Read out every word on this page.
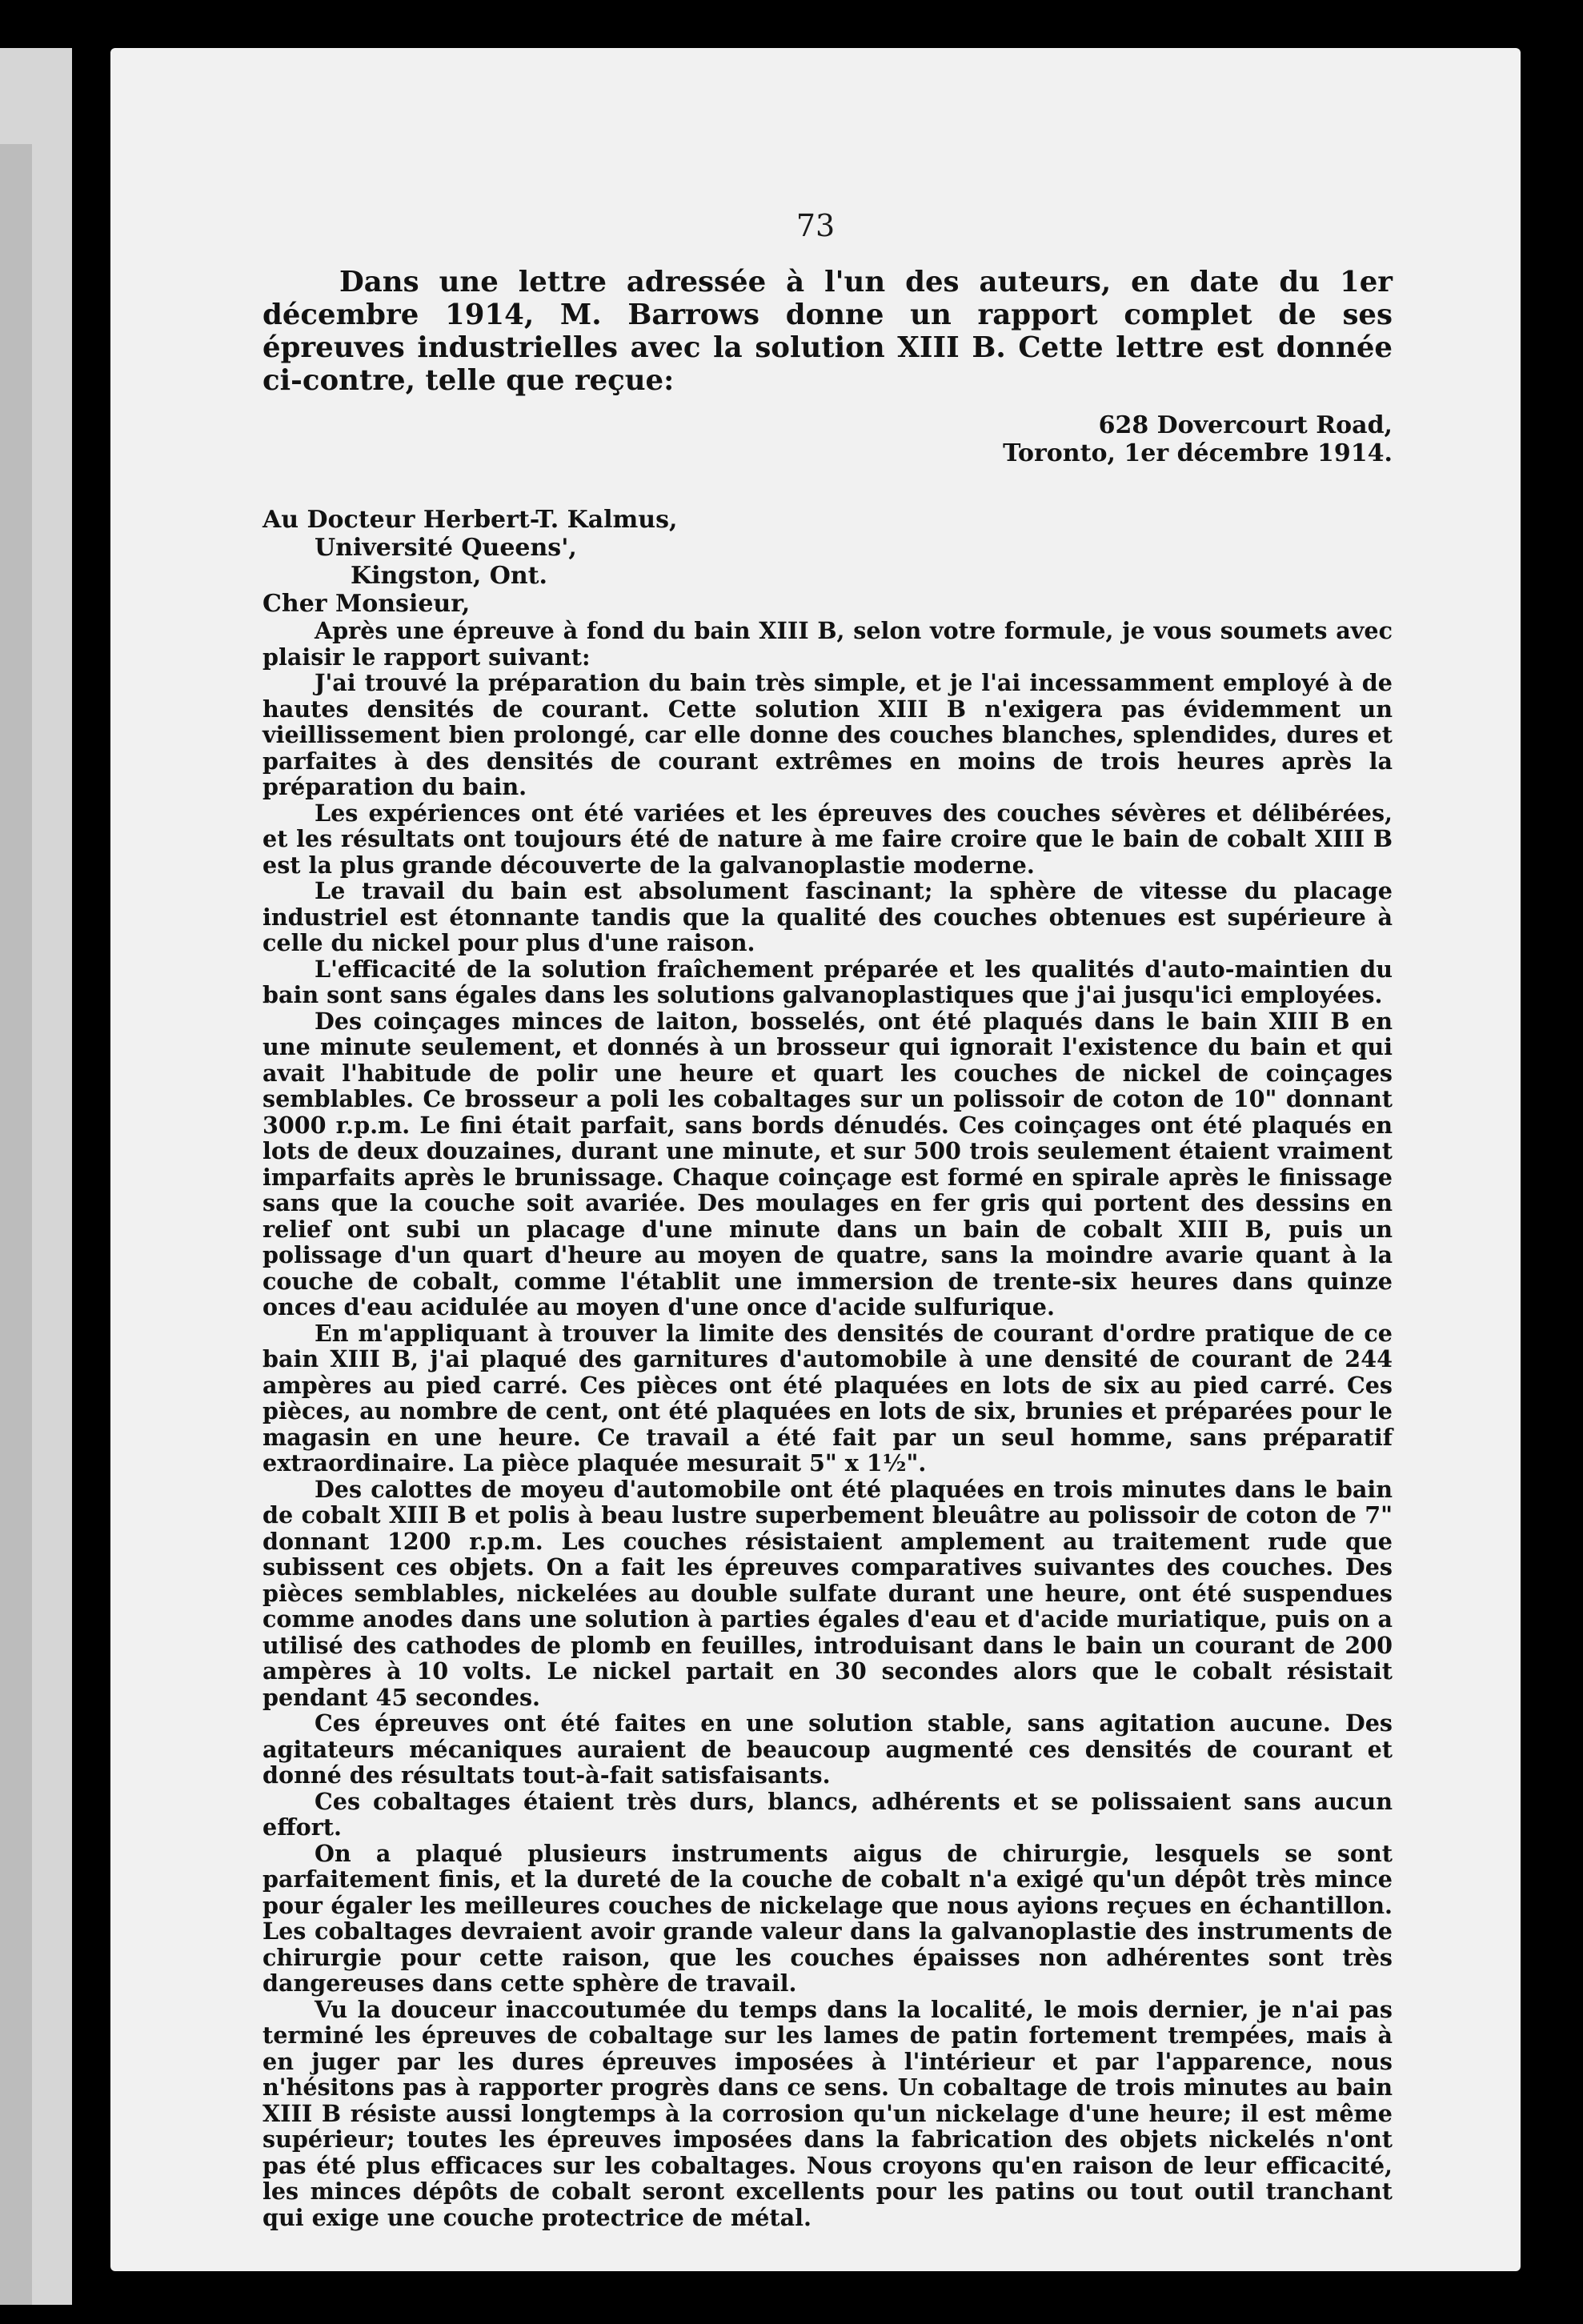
73

Dans une lettre adressée à l'un des auteurs, en date du 1er décembre 1914, M. Barrows donne un rapport complet de ses épreuves industrielles avec la solution XIII B. Cette lettre est donnée ci-contre, telle que reçue:

628 Dovercourt Road,
Toronto, 1er décembre 1914.
Au Docteur Herbert-T. Kalmus,
Université Queens',
Kingston, Ont.

Cher Monsieur,

Après une épreuve à fond du bain XIII B, selon votre formule, je vous soumets avec plaisir le rapport suivant:

J'ai trouvé la préparation du bain très simple, et je l'ai incessamment employé à de hautes densités de courant. Cette solution XIII B n'exigera pas évidemment un vieillissement bien prolongé, car elle donne des couches blanches, splendides, dures et parfaites à des densités de courant extrêmes en moins de trois heures après la préparation du bain.

Les expériences ont été variées et les épreuves des couches sévères et délibérées, et les résultats ont toujours été de nature à me faire croire que le bain de cobalt XIII B est la plus grande découverte de la galvanoplastie moderne.

Le travail du bain est absolument fascinant; la sphère de vitesse du placage industriel est étonnante tandis que la qualité des couches obtenues est supérieure à celle du nickel pour plus d'une raison.

L'efficacité de la solution fraîchement préparée et les qualités d'auto-maintien du bain sont sans égales dans les solutions galvanoplastiques que j'ai jusqu'ici employées.

Des coinçages minces de laiton, bosselés, ont été plaqués dans le bain XIII B en une minute seulement, et donnés à un brosseur qui ignorait l'existence du bain et qui avait l'habitude de polir une heure et quart les couches de nickel de coinçages semblables. Ce brosseur a poli les cobaltages sur un polissoir de coton de 10" donnant 3000 r.p.m. Le fini était parfait, sans bords dénudés. Ces coinçages ont été plaqués en lots de deux douzaines, durant une minute, et sur 500 trois seulement étaient vraiment imparfaits après le brunissage. Chaque coinçage est formé en spirale après le finissage sans que la couche soit avariée. Des moulages en fer gris qui portent des dessins en relief ont subi un placage d'une minute dans un bain de cobalt XIII B, puis un polissage d'un quart d'heure au moyen de quatre, sans la moindre avarie quant à la couche de cobalt, comme l'établit une immersion de trente-six heures dans quinze onces d'eau acidulée au moyen d'une once d'acide sulfurique.

En m'appliquant à trouver la limite des densités de courant d'ordre pratique de ce bain XIII B, j'ai plaqué des garnitures d'automobile à une densité de courant de 244 ampères au pied carré. Ces pièces ont été plaquées en lots de six au pied carré. Ces pièces, au nombre de cent, ont été plaquées en lots de six, brunies et préparées pour le magasin en une heure. Ce travail a été fait par un seul homme, sans préparatif extraordinaire. La pièce plaquée mesurait 5" x 1½".

Des calottes de moyeu d'automobile ont été plaquées en trois minutes dans le bain de cobalt XIII B et polis à beau lustre superbement bleuâtre au polissoir de coton de 7" donnant 1200 r.p.m. Les couches résistaient amplement au traitement rude que subissent ces objets. On a fait les épreuves comparatives suivantes des couches. Des pièces semblables, nickelées au double sulfate durant une heure, ont été suspendues comme anodes dans une solution à parties égales d'eau et d'acide muriatique, puis on a utilisé des cathodes de plomb en feuilles, introduisant dans le bain un courant de 200 ampères à 10 volts. Le nickel partait en 30 secondes alors que le cobalt résistait pendant 45 secondes.

Ces épreuves ont été faites en une solution stable, sans agitation aucune. Des agitateurs mécaniques auraient de beaucoup augmenté ces densités de courant et donné des résultats tout-à-fait satisfaisants.

Ces cobaltages étaient très durs, blancs, adhérents et se polissaient sans aucun effort.

On a plaqué plusieurs instruments aigus de chirurgie, lesquels se sont parfaitement finis, et la dureté de la couche de cobalt n'a exigé qu'un dépôt très mince pour égaler les meilleures couches de nickelage que nous ayions reçues en échantillon. Les cobaltages devraient avoir grande valeur dans la galvanoplastie des instruments de chirurgie pour cette raison, que les couches épaisses non adhérentes sont très dangereuses dans cette sphère de travail.

Vu la douceur inaccoutumée du temps dans la localité, le mois dernier, je n'ai pas terminé les épreuves de cobaltage sur les lames de patin fortement trempées, mais à en juger par les dures épreuves imposées à l'intérieur et par l'apparence, nous n'hésitons pas à rapporter progrès dans ce sens. Un cobaltage de trois minutes au bain XIII B résiste aussi longtemps à la corrosion qu'un nickelage d'une heure; il est même supérieur; toutes les épreuves imposées dans la fabrication des objets nickelés n'ont pas été plus efficaces sur les cobaltages. Nous croyons qu'en raison de leur efficacité, les minces dépôts de cobalt seront excellents pour les patins ou tout outil tranchant qui exige une couche protectrice de métal.
